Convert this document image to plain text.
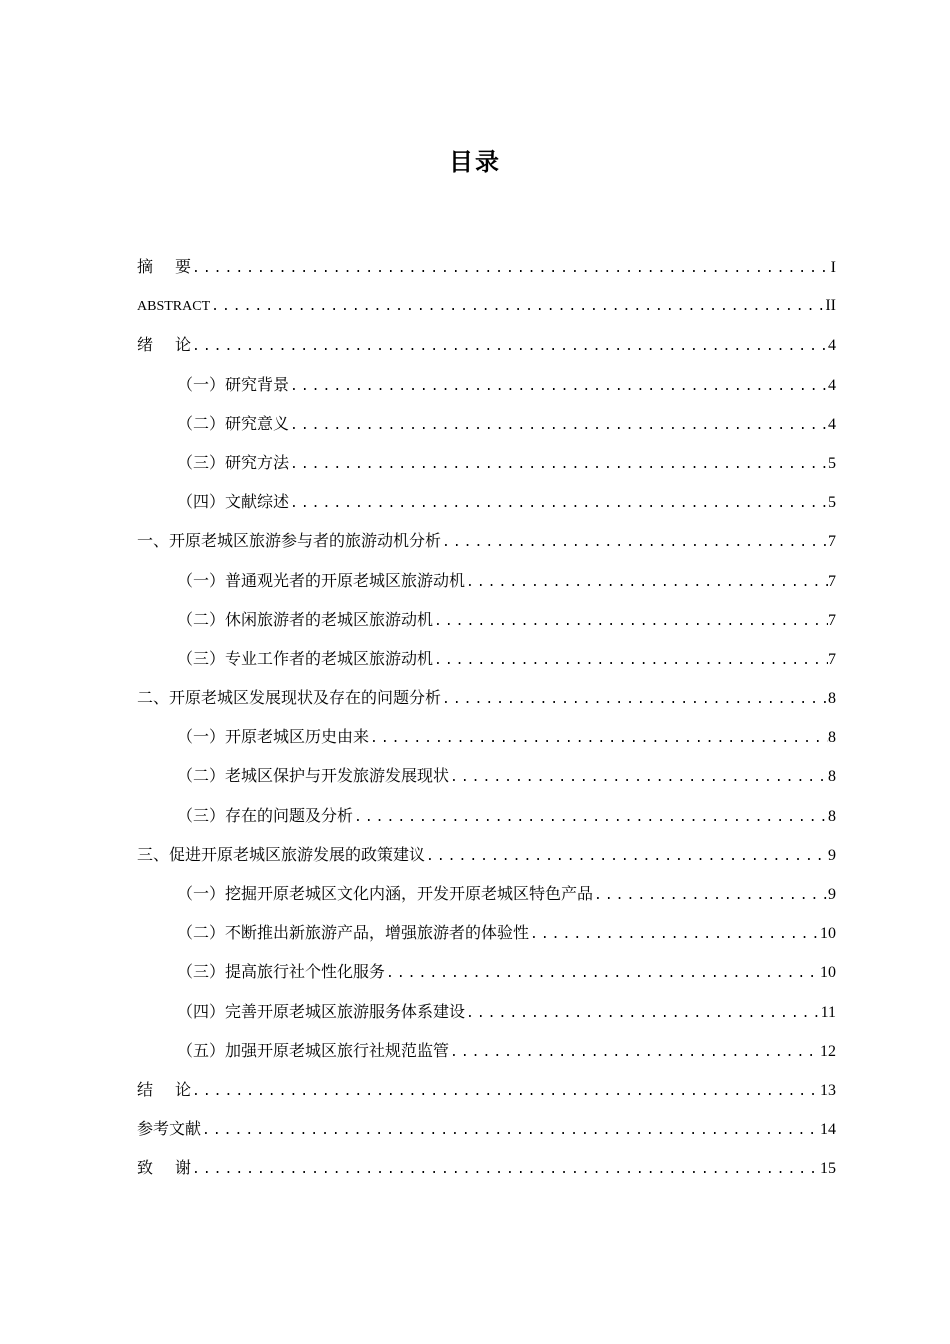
目录
摘要 .....	I
ABSTRACT .....	II
绪论 .....	4
（一）研究背景 .....	4
（二）研究意义 .....	4
（三）研究方法 .....	5
（四）文献综述 .....	5
一、开原老城区旅游参与者的旅游动机分析 .....	7
（一）普通观光者的开原老城区旅游动机 .....	7
（二）休闲旅游者的老城区旅游动机 .....	7
（三）专业工作者的老城区旅游动机 .....	7
二、开原老城区发展现状及存在的问题分析 .....	8
（一）开原老城区历史由来 .....	8
（二）老城区保护与开发旅游发展现状 .....	8
（三）存在的问题及分析 .....	8
三、促进开原老城区旅游发展的政策建议 .....	9
（一）挖掘开原老城区文化内涵，开发开原老城区特色产品 .....	9
（二）不断推出新旅游产品，增强旅游者的体验性 .....	10
（三）提高旅行社个性化服务 .....	10
（四）完善开原老城区旅游服务体系建设 .....	11
（五）加强开原老城区旅行社规范监管 .....	12
结论 .....	13
参考文献 .....	14
致谢 .....	15
